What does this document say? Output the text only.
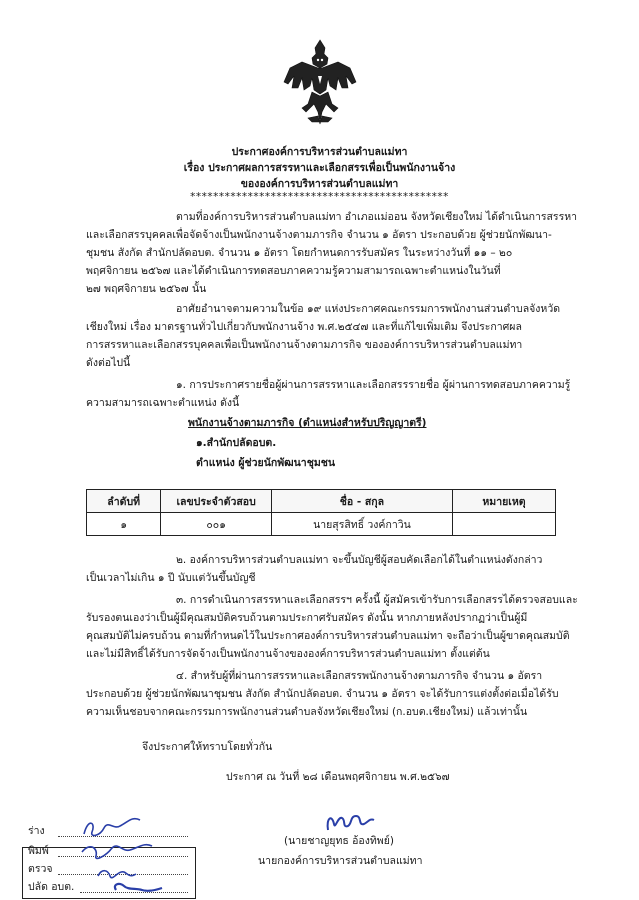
ประกาศองค์การบริหารส่วนตำบลแม่ทา
เรื่อง ประกาศผลการสรรหาและเลือกสรรเพื่อเป็นพนักงานจ้าง
ขององค์การบริหารส่วนตำบลแม่ทา
*********************************************
ตามที่องค์การบริหารส่วนตำบลแม่ทา อำเภอแม่ออน จังหวัดเชียงใหม่ ได้ดำเนินการสรรหา
และเลือกสรรบุคคลเพื่อจัดจ้างเป็นพนักงานจ้างตามภารกิจ จำนวน ๑ อัตรา ประกอบด้วย ผู้ช่วยนักพัฒนา-
ชุมชน สังกัด สำนักปลัดอบต. จำนวน ๑ อัตรา โดยกำหนดการรับสมัคร ในระหว่างวันที่ ๑๑ – ๒๐
พฤศจิกายน ๒๕๖๗ และได้ดำเนินการทดสอบภาคความรู้ความสามารถเฉพาะตำแหน่งในวันที่
๒๗ พฤศจิกายน ๒๕๖๗ นั้น
อาศัยอำนาจตามความในข้อ ๑๙ แห่งประกาศคณะกรรมการพนักงานส่วนตำบลจังหวัด
เชียงใหม่ เรื่อง มาตรฐานทั่วไปเกี่ยวกับพนักงานจ้าง พ.ศ.๒๕๔๗ และที่แก้ไขเพิ่มเติม จึงประกาศผล
การสรรหาและเลือกสรรบุคคลเพื่อเป็นพนักงานจ้างตามภารกิจ ขององค์การบริหารส่วนตำบลแม่ทา
ดังต่อไปนี้
๑. การประกาศรายชื่อผู้ผ่านการสรรหาและเลือกสรรรายชื่อ ผู้ผ่านการทดสอบภาคความรู้
ความสามารถเฉพาะตำแหน่ง ดังนี้
พนักงานจ้างตามภารกิจ (ตำแหน่งสำหรับปริญญาตรี)
๑.สำนักปลัดอบต.
ตำแหน่ง ผู้ช่วยนักพัฒนาชุมชน
ลำดับที่	เลขประจำตัวสอบ	ชื่อ - สกุล	หมายเหตุ
๑	๐๐๑	นายสุรสิทธิ์ วงค์กาวิน	
๒. องค์การบริหารส่วนตำบลแม่ทา จะขึ้นบัญชีผู้สอบคัดเลือกได้ในตำแหน่งดังกล่าว
เป็นเวลาไม่เกิน ๑ ปี นับแต่วันขึ้นบัญชี
๓. การดำเนินการสรรหาและเลือกสรรฯ ครั้งนี้ ผู้สมัครเข้ารับการเลือกสรรได้ตรวจสอบและ
รับรองตนเองว่าเป็นผู้มีคุณสมบัติครบถ้วนตามประกาศรับสมัคร ดังนั้น หากภายหลังปรากฏว่าเป็นผู้มี
คุณสมบัติไม่ครบถ้วน ตามที่กำหนดไว้ในประกาศองค์การบริหารส่วนตำบลแม่ทา จะถือว่าเป็นผู้ขาดคุณสมบัติ
และไม่มีสิทธิ์ได้รับการจัดจ้างเป็นพนักงานจ้างขององค์การบริหารส่วนตำบลแม่ทา ตั้งแต่ต้น
๔. สำหรับผู้ที่ผ่านการสรรหาและเลือกสรรพนักงานจ้างตามภารกิจ จำนวน ๑ อัตรา
ประกอบด้วย ผู้ช่วยนักพัฒนาชุมชน สังกัด สำนักปลัดอบต. จำนวน ๑ อัตรา จะได้รับการแต่งตั้งต่อเมื่อได้รับ
ความเห็นชอบจากคณะกรรมการพนักงานส่วนตำบลจังหวัดเชียงใหม่ (ก.อบต.เชียงใหม่) แล้วเท่านั้น
จึงประกาศให้ทราบโดยทั่วกัน
ประกาศ ณ วันที่ ๒๘ เดือนพฤศจิกายน พ.ศ.๒๕๖๗
(นายชาญยุทธ อ้องทิพย์)
นายกองค์การบริหารส่วนตำบลแม่ทา
ร่าง
พิมพ์
ตรวจ
ปลัด อบต.
